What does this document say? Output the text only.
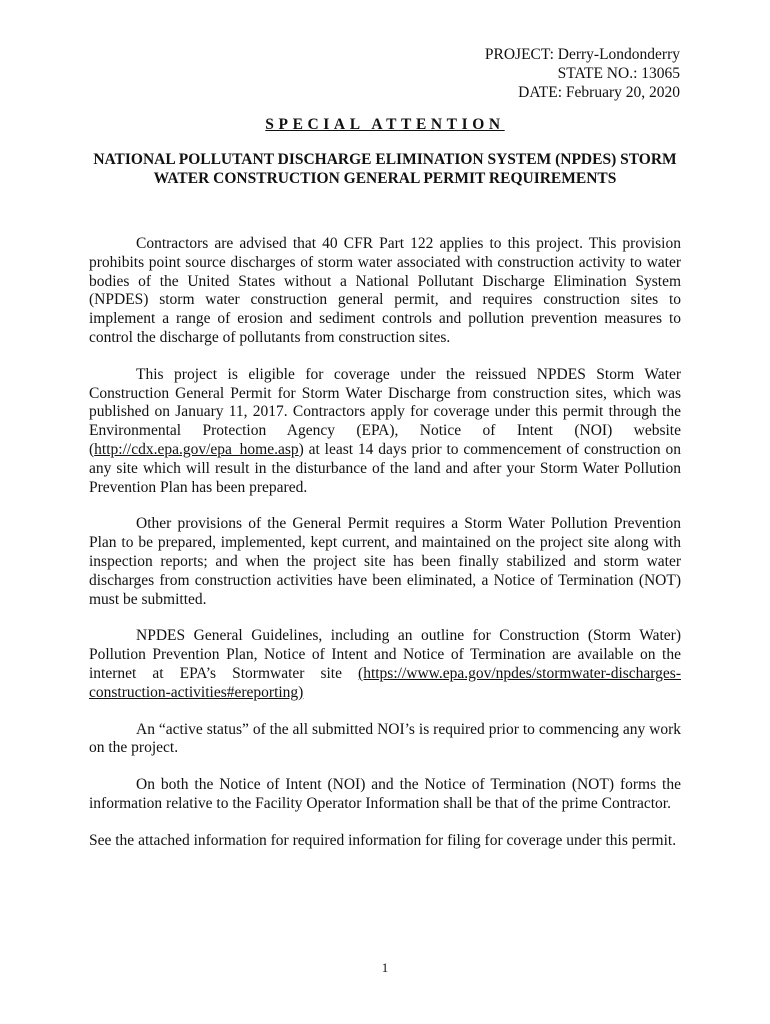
PROJECT: Derry-Londonderry
STATE NO.: 13065
DATE: February 20, 2020
SPECIAL ATTENTION
NATIONAL POLLUTANT DISCHARGE ELIMINATION SYSTEM (NPDES) STORM
WATER CONSTRUCTION GENERAL PERMIT REQUIREMENTS

Contractors are advised that 40 CFR Part 122 applies to this project. This provision prohibits point source discharges of storm water associated with construction activity to water bodies of the United States without a National Pollutant Discharge Elimination System (NPDES) storm water construction general permit, and requires construction sites to implement a range of erosion and sediment controls and pollution prevention measures to control the discharge of pollutants from construction sites.

This project is eligible for coverage under the reissued NPDES Storm Water Construction General Permit for Storm Water Discharge from construction sites, which was published on January 11, 2017. Contractors apply for coverage under this permit through the Environmental Protection Agency (EPA), Notice of Intent (NOI) website (http://cdx.epa.gov/epa_home.asp) at least 14 days prior to commencement of construction on any site which will result in the disturbance of the land and after your Storm Water Pollution Prevention Plan has been prepared.

Other provisions of the General Permit requires a Storm Water Pollution Prevention Plan to be prepared, implemented, kept current, and maintained on the project site along with inspection reports; and when the project site has been finally stabilized and storm water discharges from construction activities have been eliminated, a Notice of Termination (NOT) must be submitted.

NPDES General Guidelines, including an outline for Construction (Storm Water) Pollution Prevention Plan, Notice of Intent and Notice of Termination are available on the internet at EPA’s Stormwater site (https://www.epa.gov/npdes/stormwater-discharges-construction-activities#ereporting)

An “active status” of the all submitted NOI’s is required prior to commencing any work on the project.

On both the Notice of Intent (NOI) and the Notice of Termination (NOT) forms the information relative to the Facility Operator Information shall be that of the prime Contractor.

See the attached information for required information for filing for coverage under this permit.

1
